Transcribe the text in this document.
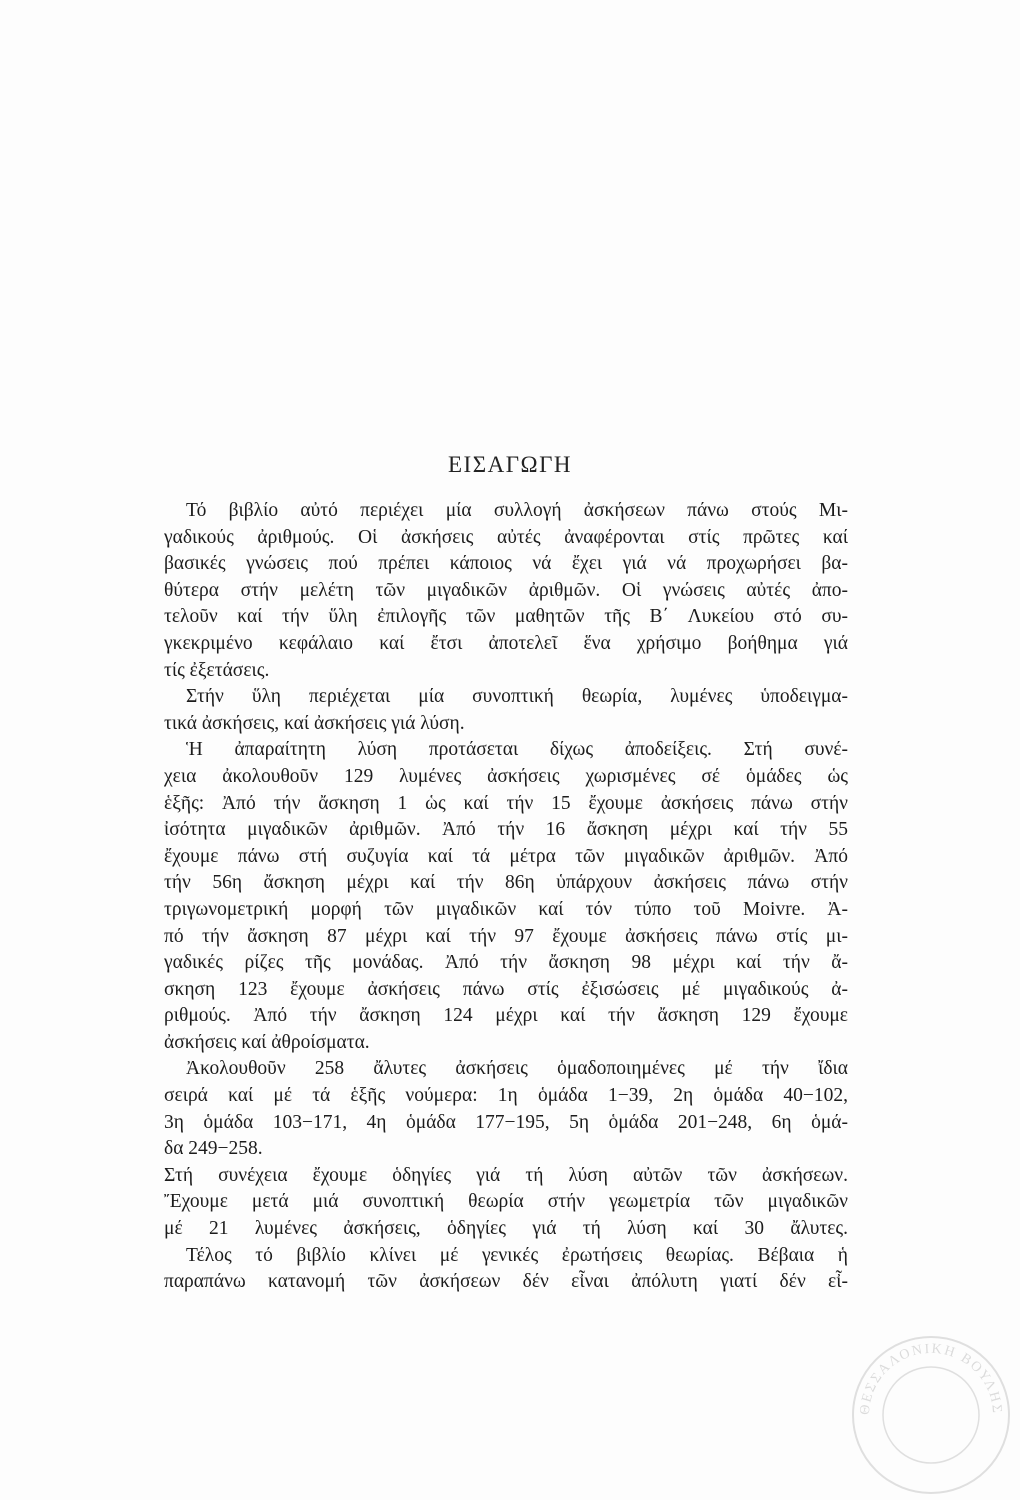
ΕΙΣΑΓΩΓΗ
Τό βιβλίο αὐτό περιέχει μία συλλογή ἀσκήσεων πάνω στούς Μι-
γαδικούς ἀριθμούς. Οἱ ἀσκήσεις αὐτές ἀναφέρονται στίς πρῶτες καί
βασικές γνώσεις πού πρέπει κάποιος νά ἔχει γιά νά προχωρήσει βα-
θύτερα στήν μελέτη τῶν μιγαδικῶν ἀριθμῶν. Οἱ γνώσεις αὐτές ἀπο-
τελοῦν καί τήν ὕλη ἐπιλογῆς τῶν μαθητῶν τῆς Β΄ Λυκείου στό συ-
γκεκριμένο κεφάλαιο καί ἔτσι ἀποτελεῖ ἕνα χρήσιμο βοήθημα γιά
τίς ἐξετάσεις.
Στήν ὕλη περιέχεται μία συνοπτική θεωρία, λυμένες ὑποδειγμα-
τικά ἀσκήσεις, καί ἀσκήσεις γιά λύση.
Ἡ ἀπαραίτητη λύση προτάσεται δίχως ἀποδείξεις. Στή συνέ-
χεια ἀκολουθοῦν 129 λυμένες ἀσκήσεις χωρισμένες σέ ὁμάδες ὡς
ἑξῆς: Ἀπό τήν ἄσκηση 1 ὡς καί τήν 15 ἔχουμε ἀσκήσεις πάνω στήν
ἰσότητα μιγαδικῶν ἀριθμῶν. Ἀπό τήν 16 ἄσκηση μέχρι καί τήν 55
ἔχουμε πάνω στή συζυγία καί τά μέτρα τῶν μιγαδικῶν ἀριθμῶν. Ἀπό
τήν 56η ἄσκηση μέχρι καί τήν 86η ὑπάρχουν ἀσκήσεις πάνω στήν
τριγωνομετρική μορφή τῶν μιγαδικῶν καί τόν τύπο τοῦ Moivre. Ἀ-
πό τήν ἄσκηση 87 μέχρι καί τήν 97 ἔχουμε ἀσκήσεις πάνω στίς μι-
γαδικές ρίζες τῆς μονάδας. Ἀπό τήν ἄσκηση 98 μέχρι καί τήν ἄ-
σκηση 123 ἔχουμε ἀσκήσεις πάνω στίς ἐξισώσεις μέ μιγαδικούς ἀ-
ριθμούς. Ἀπό τήν ἄσκηση 124 μέχρι καί τήν ἄσκηση 129 ἔχουμε
ἀσκήσεις καί ἀθροίσματα.
Ἀκολουθοῦν 258 ἄλυτες ἀσκήσεις ὁμαδοποιημένες μέ τήν ἴδια
σειρά καί μέ τά ἑξῆς νούμερα: 1η ὁμάδα 1−39, 2η ὁμάδα 40−102,
3η ὁμάδα 103−171, 4η ὁμάδα 177−195, 5η ὁμάδα 201−248, 6η ὁμά-
δα 249−258.
Στή συνέχεια ἔχουμε ὁδηγίες γιά τή λύση αὐτῶν τῶν ἀσκήσεων.
Ἔχουμε μετά μιά συνοπτική θεωρία στήν γεωμετρία τῶν μιγαδικῶν
μέ 21 λυμένες ἀσκήσεις, ὁδηγίες γιά τή λύση καί 30 ἄλυτες.
Τέλος τό βιβλίο κλίνει μέ γενικές ἐρωτήσεις θεωρίας. Βέβαια ἡ
παραπάνω κατανομή τῶν ἀσκήσεων δέν εἶναι ἀπόλυτη γιατί δέν εἶ-
ΘΕΣΣΑΛΟΝΙΚΗ ΒΟΥΛΗΣ
